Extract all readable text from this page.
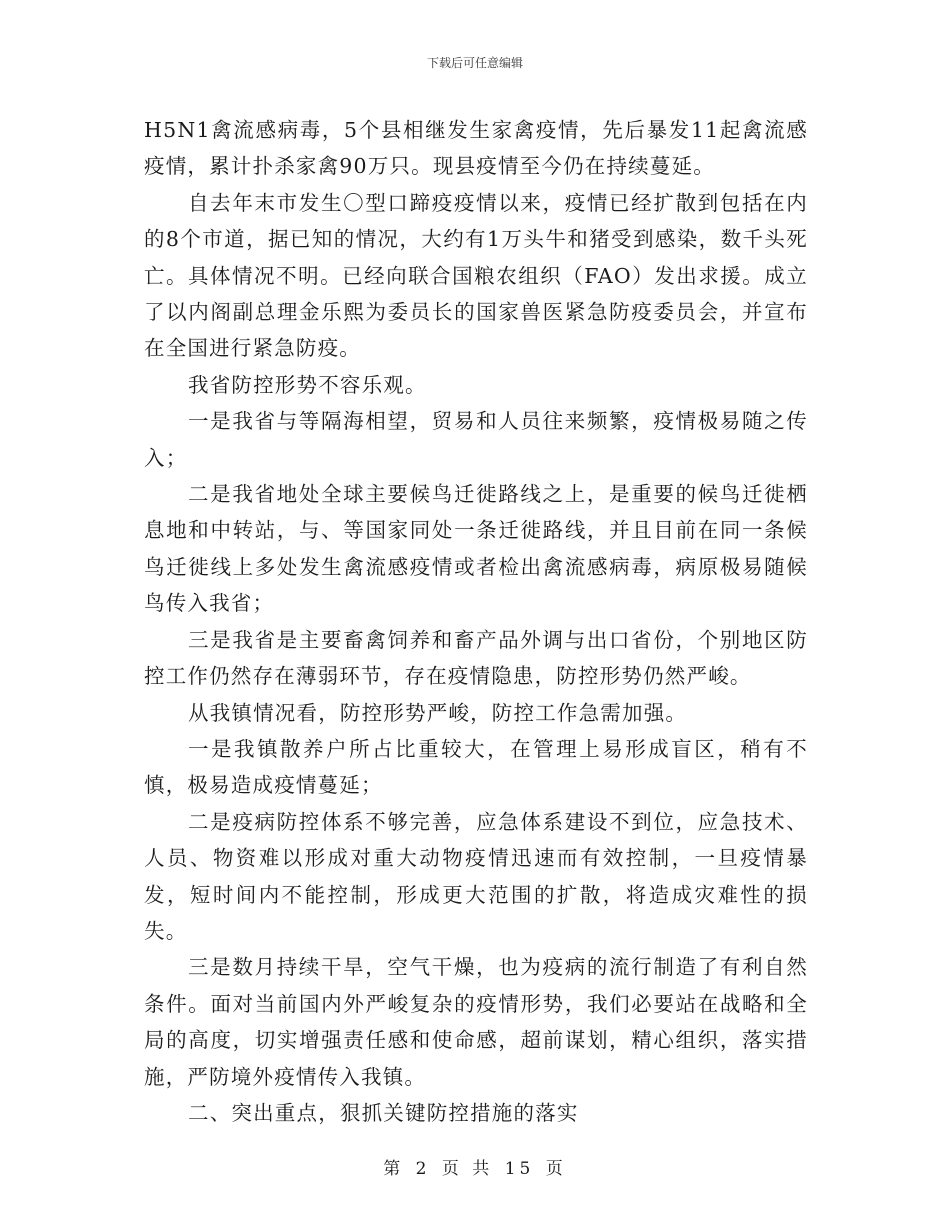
下载后可任意编辑

H5N1禽流感病毒，5个县相继发生家禽疫情，先后暴发11起禽流感疫情，累计扑杀家禽90万只。现县疫情至今仍在持续蔓延。

自去年末市发生〇型口蹄疫疫情以来，疫情已经扩散到包括在内的8个市道，据已知的情况，大约有1万头牛和猪受到感染，数千头死亡。具体情况不明。已经向联合国粮农组织（FAO）发出求援。成立了以内阁副总理金乐熙为委员长的国家兽医紧急防疫委员会，并宣布在全国进行紧急防疫。

我省防控形势不容乐观。

一是我省与等隔海相望，贸易和人员往来频繁，疫情极易随之传入；

二是我省地处全球主要候鸟迁徙路线之上，是重要的候鸟迁徙栖息地和中转站，与、等国家同处一条迁徙路线，并且目前在同一条候鸟迁徙线上多处发生禽流感疫情或者检出禽流感病毒，病原极易随候鸟传入我省；

三是我省是主要畜禽饲养和畜产品外调与出口省份，个别地区防控工作仍然存在薄弱环节，存在疫情隐患，防控形势仍然严峻。

从我镇情况看，防控形势严峻，防控工作急需加强。

一是我镇散养户所占比重较大，在管理上易形成盲区，稍有不慎，极易造成疫情蔓延；

二是疫病防控体系不够完善，应急体系建设不到位，应急技术、人员、物资难以形成对重大动物疫情迅速而有效控制，一旦疫情暴发，短时间内不能控制，形成更大范围的扩散，将造成灾难性的损失。

三是数月持续干旱，空气干燥，也为疫病的流行制造了有利自然条件。面对当前国内外严峻复杂的疫情形势，我们必要站在战略和全局的高度，切实增强责任感和使命感，超前谋划，精心组织，落实措施，严防境外疫情传入我镇。

二、突出重点，狠抓关键防控措施的落实

第 2 页 共 15 页
